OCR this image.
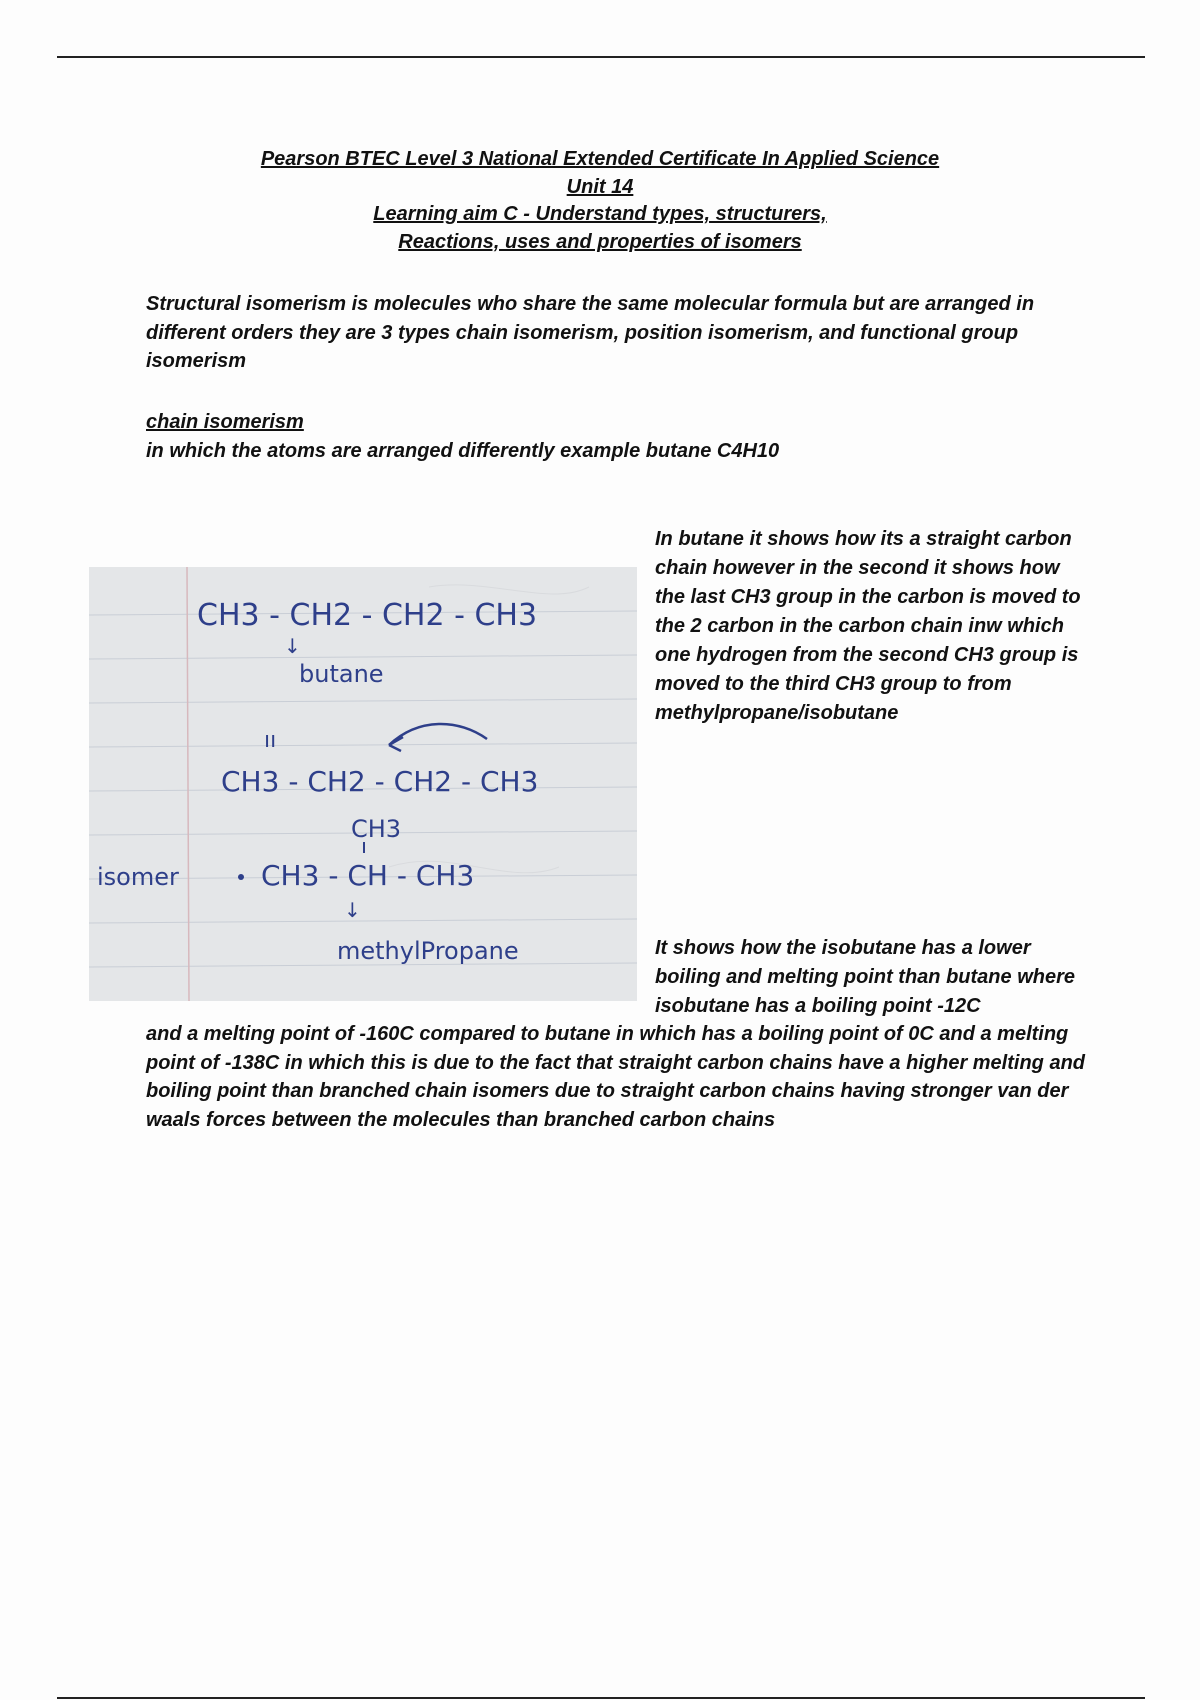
Pearson BTEC Level 3 National Extended Certificate In Applied Science
Unit 14
Learning aim C - Understand types, structurers,
Reactions, uses and properties of isomers
Structural isomerism is molecules who share the same molecular formula but are arranged in different orders they are 3 types chain isomerism, position isomerism, and functional group isomerism
chain isomerism
in which the atoms are arranged differently example butane C4H10
CH3 - CH2 - CH2 - CH3
↓
butane
ıı
CH3 - CH2 - CH2 - CH3
CH3
isomer	CH3 - CH - CH3
↓
methylPropane
In butane it shows how its a straight carbon chain however in the second it shows how the last CH3 group in the carbon is moved to the 2 carbon in the carbon chain inw which one hydrogen from the second CH3 group is moved to the third CH3 group to from methylpropane/isobutane
It shows how the isobutane has a lower boiling and melting point than butane where isobutane has a boiling point -12C
and a melting point of -160C compared to butane in which has a boiling point of 0C and a melting point of -138C in which this is due to the fact that straight carbon chains have a higher melting and boiling point than branched chain isomers due to straight carbon chains having stronger van der waals forces between the molecules than branched carbon chains
